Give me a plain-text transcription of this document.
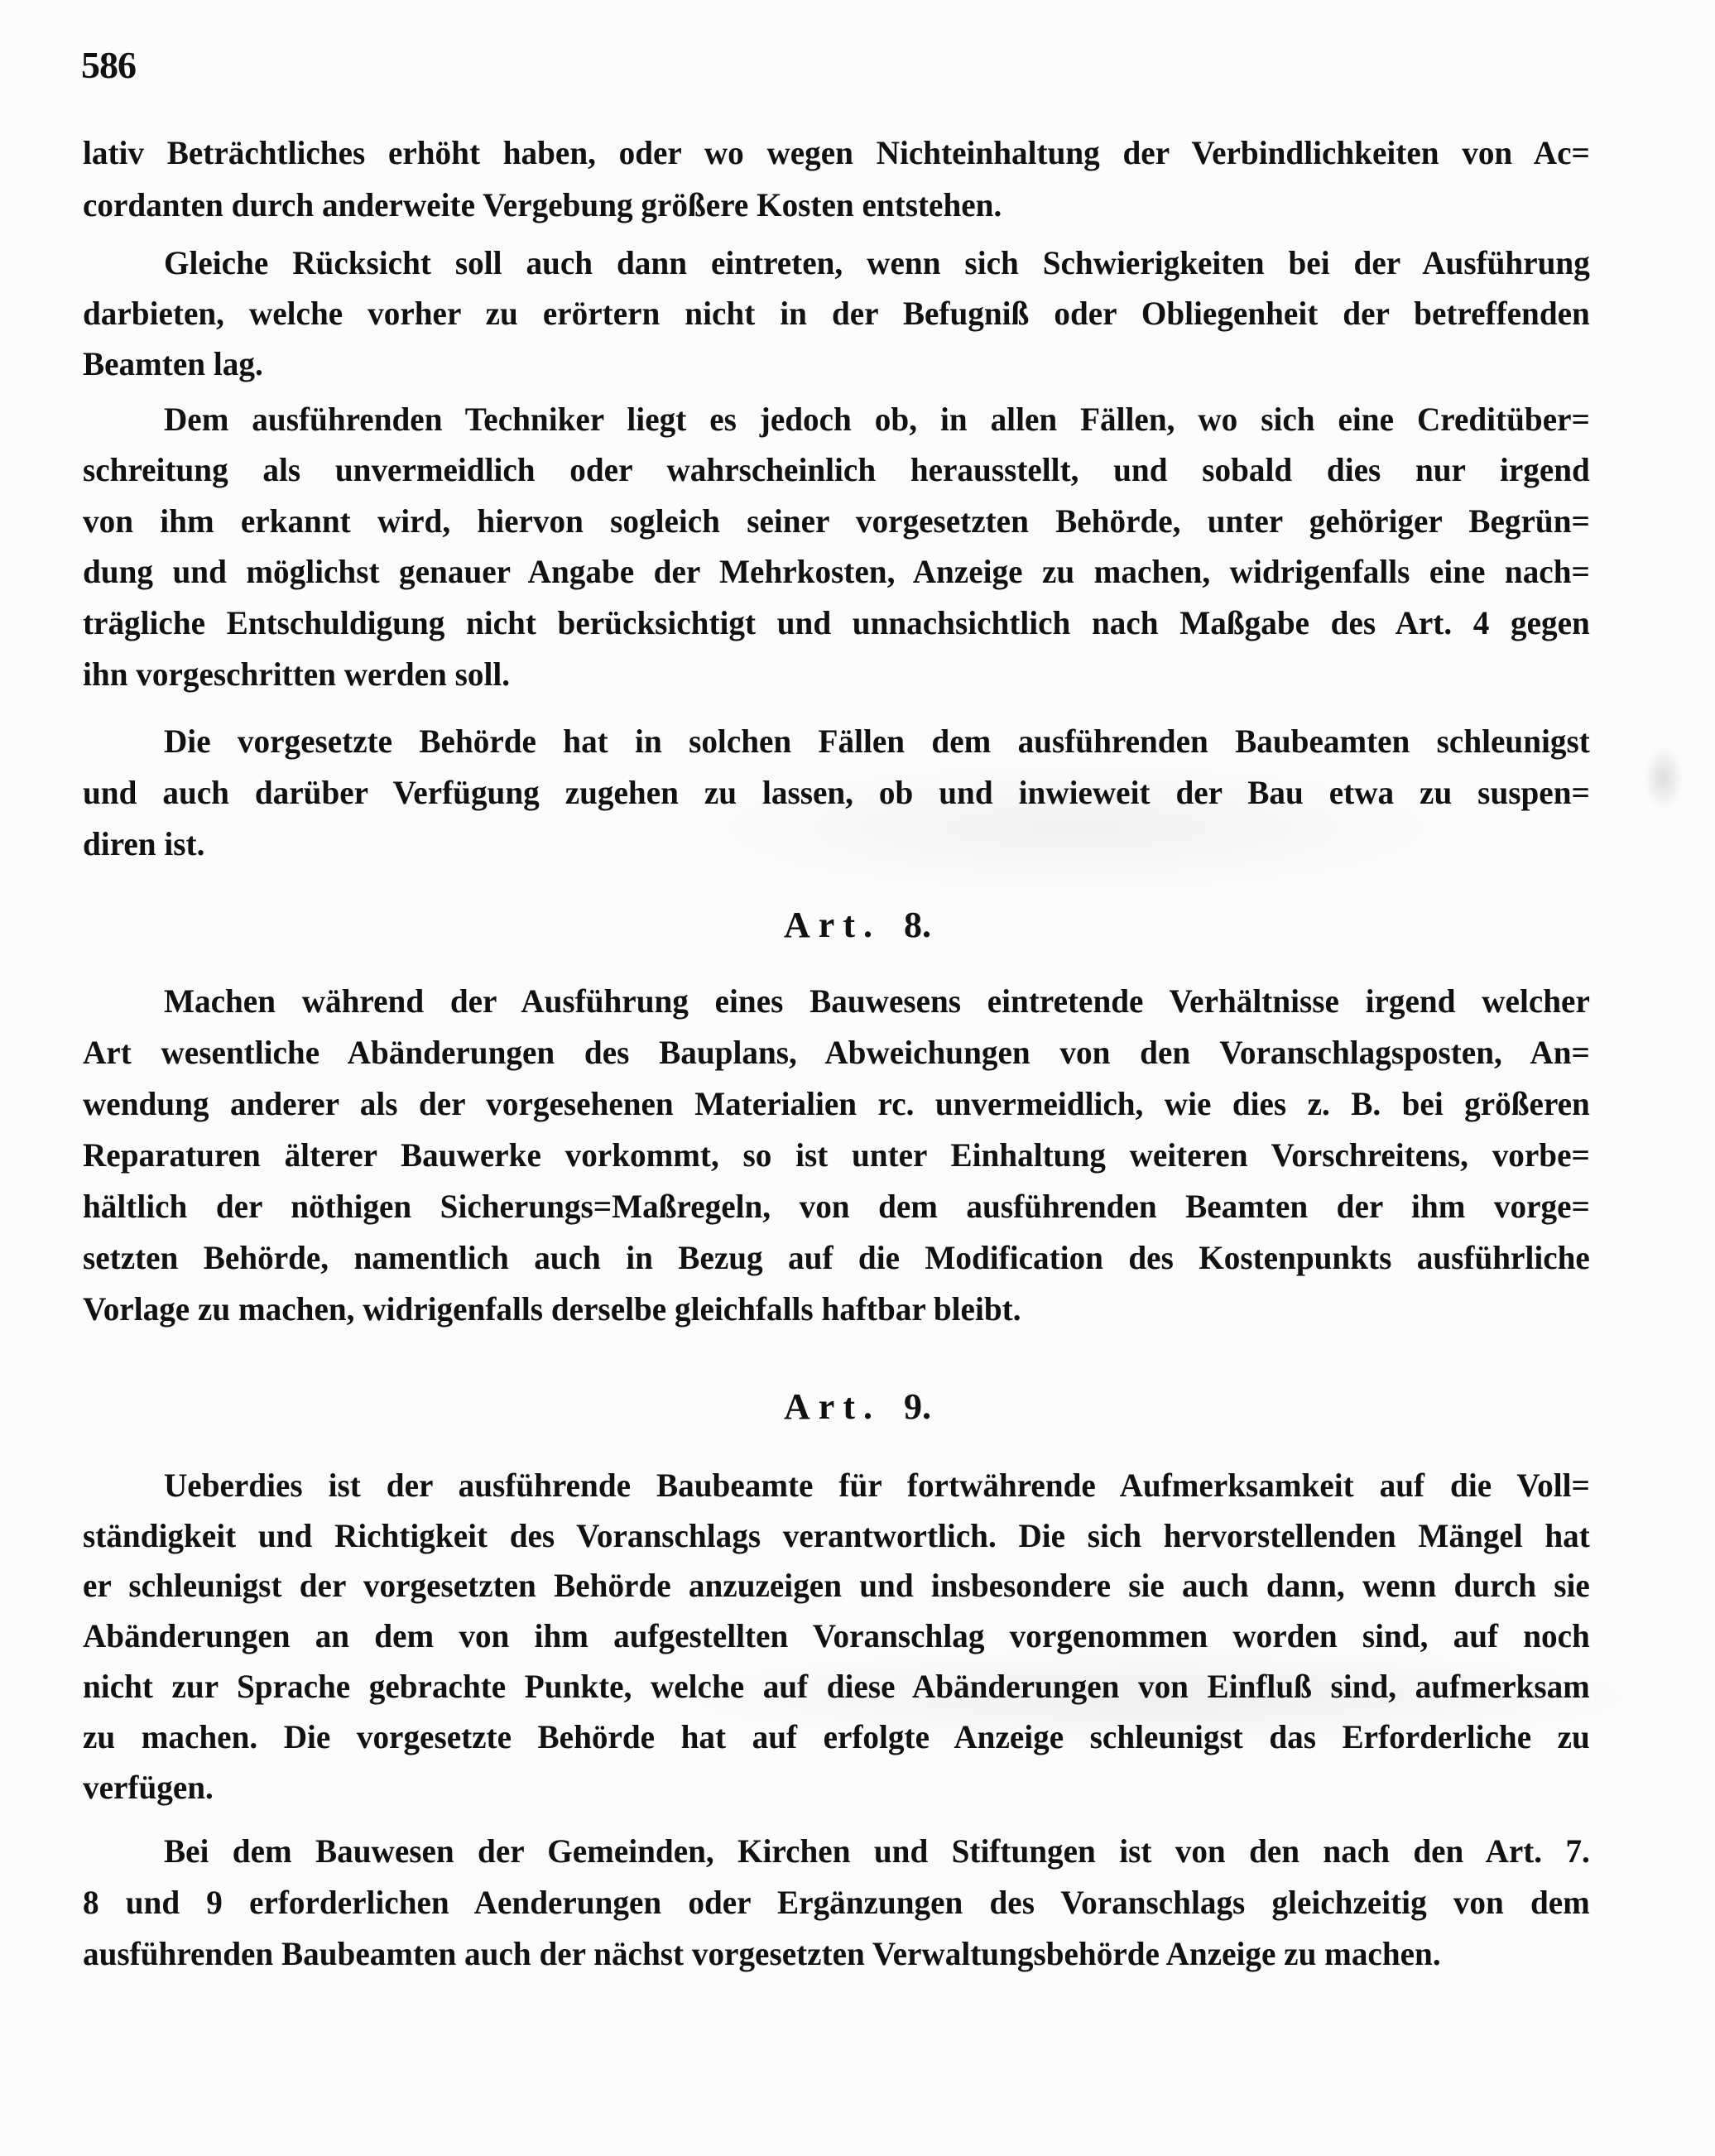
586
lativ Beträchtliches erhöht haben, oder wo wegen Nichteinhaltung der Verbindlichkeiten von Ac=
cordanten durch anderweite Vergebung größere Kosten entstehen.
Gleiche Rücksicht soll auch dann eintreten, wenn sich Schwierigkeiten bei der Ausführung
darbieten, welche vorher zu erörtern nicht in der Befugniß oder Obliegenheit der betreffenden
Beamten lag.
Dem ausführenden Techniker liegt es jedoch ob, in allen Fällen, wo sich eine Creditüber=
schreitung als unvermeidlich oder wahrscheinlich herausstellt, und sobald dies nur irgend
von ihm erkannt wird, hiervon sogleich seiner vorgesetzten Behörde, unter gehöriger Begrün=
dung und möglichst genauer Angabe der Mehrkosten, Anzeige zu machen, widrigenfalls eine nach=
trägliche Entschuldigung nicht berücksichtigt und unnachsichtlich nach Maßgabe des Art. 4 gegen
ihn vorgeschritten werden soll.
Die vorgesetzte Behörde hat in solchen Fällen dem ausführenden Baubeamten schleunigst
und auch darüber Verfügung zugehen zu lassen, ob und inwieweit der Bau etwa zu suspen=
diren ist.
Art. 8.
Machen während der Ausführung eines Bauwesens eintretende Verhältnisse irgend welcher
Art wesentliche Abänderungen des Bauplans, Abweichungen von den Voranschlagsposten, An=
wendung anderer als der vorgesehenen Materialien rc. unvermeidlich, wie dies z. B. bei größeren
Reparaturen älterer Bauwerke vorkommt, so ist unter Einhaltung weiteren Vorschreitens, vorbe=
hältlich der nöthigen Sicherungs=Maßregeln, von dem ausführenden Beamten der ihm vorge=
setzten Behörde, namentlich auch in Bezug auf die Modification des Kostenpunkts ausführliche
Vorlage zu machen, widrigenfalls derselbe gleichfalls haftbar bleibt.
Art. 9.
Ueberdies ist der ausführende Baubeamte für fortwährende Aufmerksamkeit auf die Voll=
ständigkeit und Richtigkeit des Voranschlags verantwortlich. Die sich hervorstellenden Mängel hat
er schleunigst der vorgesetzten Behörde anzuzeigen und insbesondere sie auch dann, wenn durch sie
Abänderungen an dem von ihm aufgestellten Voranschlag vorgenommen worden sind, auf noch
nicht zur Sprache gebrachte Punkte, welche auf diese Abänderungen von Einfluß sind, aufmerksam
zu machen. Die vorgesetzte Behörde hat auf erfolgte Anzeige schleunigst das Erforderliche zu
verfügen.
Bei dem Bauwesen der Gemeinden, Kirchen und Stiftungen ist von den nach den Art. 7.
8 und 9 erforderlichen Aenderungen oder Ergänzungen des Voranschlags gleichzeitig von dem
ausführenden Baubeamten auch der nächst vorgesetzten Verwaltungsbehörde Anzeige zu machen.
